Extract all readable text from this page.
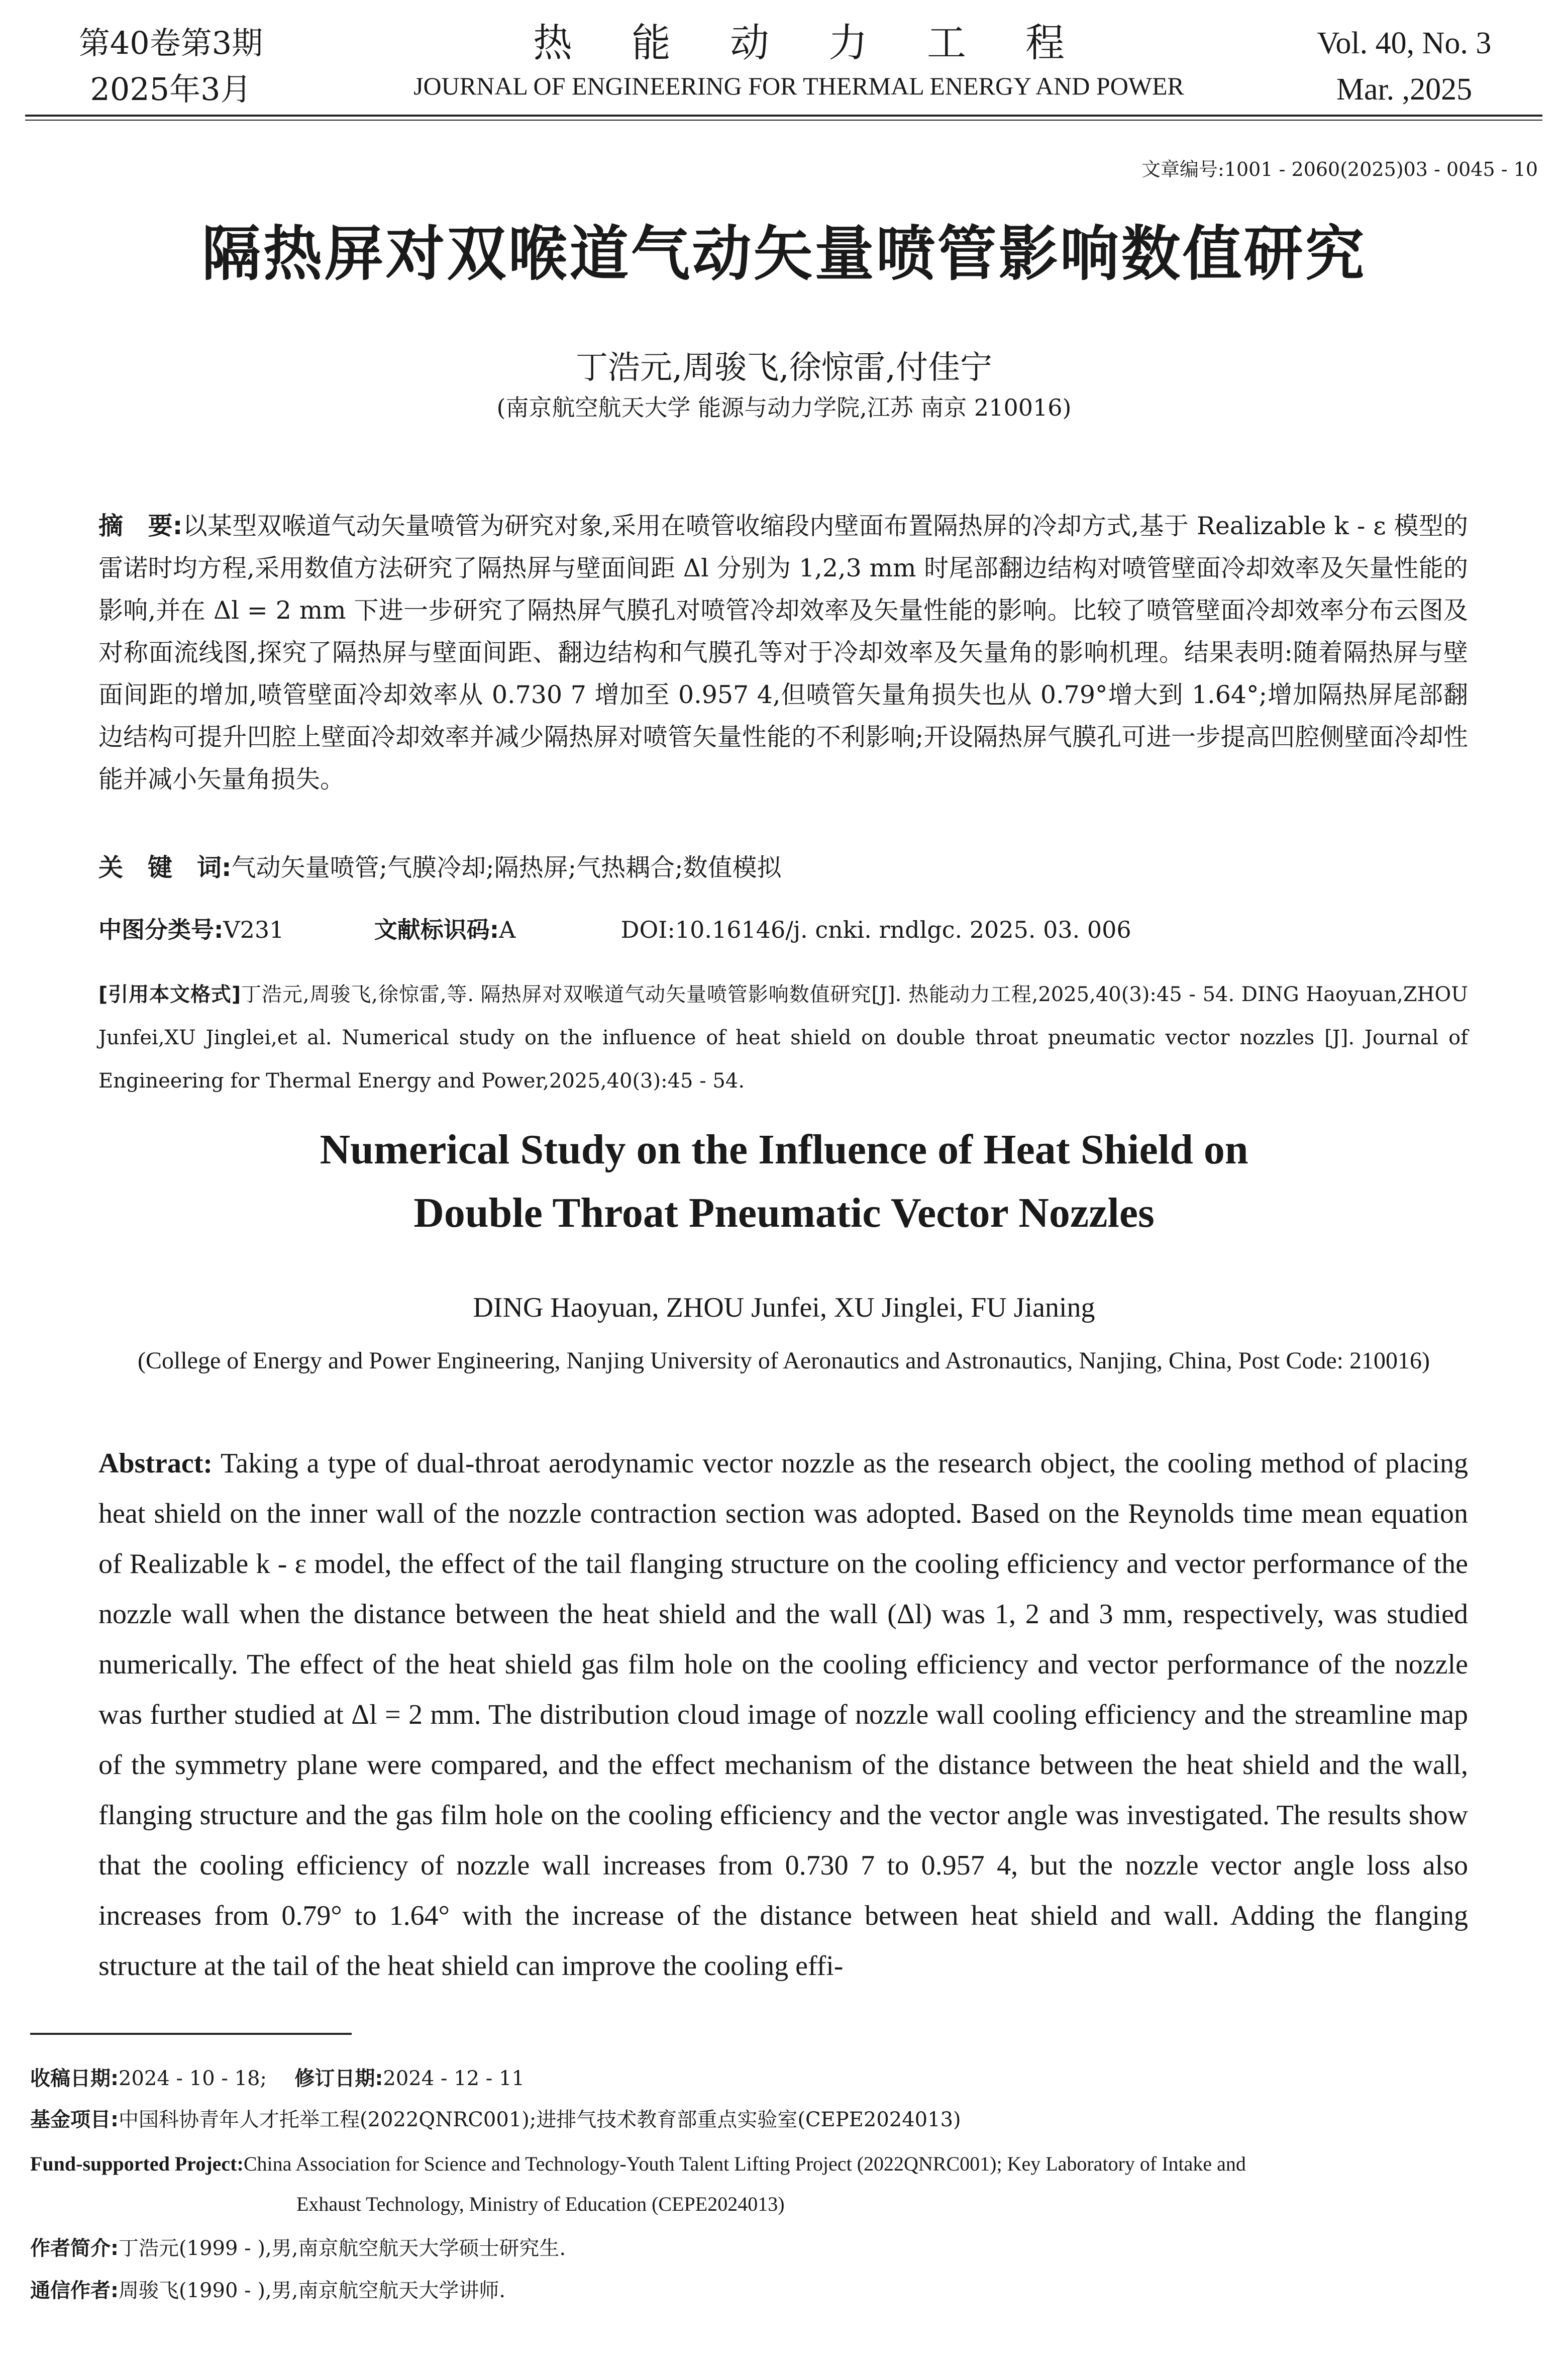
第40卷第3期
2025年3月
热能动力工程
JOURNAL OF ENGINEERING FOR THERMAL ENERGY AND POWER
Vol. 40, No. 3
Mar. ,2025
文章编号:1001 - 2060(2025)03 - 0045 - 10
隔热屏对双喉道气动矢量喷管影响数值研究
丁浩元,周骏飞,徐惊雷,付佳宁
(南京航空航天大学 能源与动力学院,江苏 南京 210016)
摘　要:以某型双喉道气动矢量喷管为研究对象,采用在喷管收缩段内壁面布置隔热屏的冷却方式,基于 Realizable k - ε 模型的雷诺时均方程,采用数值方法研究了隔热屏与壁面间距 Δl 分别为 1,2,3 mm 时尾部翻边结构对喷管壁面冷却效率及矢量性能的影响,并在 Δl = 2 mm 下进一步研究了隔热屏气膜孔对喷管冷却效率及矢量性能的影响。比较了喷管壁面冷却效率分布云图及对称面流线图,探究了隔热屏与壁面间距、翻边结构和气膜孔等对于冷却效率及矢量角的影响机理。结果表明:随着隔热屏与壁面间距的增加,喷管壁面冷却效率从 0.730 7 增加至 0.957 4,但喷管矢量角损失也从 0.79°增大到 1.64°;增加隔热屏尾部翻边结构可提升凹腔上壁面冷却效率并减少隔热屏对喷管矢量性能的不利影响;开设隔热屏气膜孔可进一步提高凹腔侧壁面冷却性能并减小矢量角损失。
关　键　词:气动矢量喷管;气膜冷却;隔热屏;气热耦合;数值模拟
中图分类号:V231	文献标识码:A	DOI:10.16146/j. cnki. rndlgc. 2025. 03. 006
[引用本文格式]丁浩元,周骏飞,徐惊雷,等. 隔热屏对双喉道气动矢量喷管影响数值研究[J]. 热能动力工程,2025,40(3):45 - 54. DING Haoyuan,ZHOU Junfei,XU Jinglei,et al. Numerical study on the influence of heat shield on double throat pneumatic vector nozzles [J]. Journal of Engineering for Thermal Energy and Power,2025,40(3):45 - 54.
Numerical Study on the Influence of Heat Shield on
Double Throat Pneumatic Vector Nozzles
DING Haoyuan, ZHOU Junfei, XU Jinglei, FU Jianing
(College of Energy and Power Engineering, Nanjing University of Aeronautics and Astronautics, Nanjing, China, Post Code: 210016)
Abstract: Taking a type of dual-throat aerodynamic vector nozzle as the research object, the cooling method of placing heat shield on the inner wall of the nozzle contraction section was adopted. Based on the Reynolds time mean equation of Realizable k - ε model, the effect of the tail flanging structure on the cooling efficiency and vector performance of the nozzle wall when the distance between the heat shield and the wall (Δl) was 1, 2 and 3 mm, respectively, was studied numerically. The effect of the heat shield gas film hole on the cooling efficiency and vector performance of the nozzle was further studied at Δl = 2 mm. The distribution cloud image of nozzle wall cooling efficiency and the streamline map of the symmetry plane were compared, and the effect mechanism of the distance between the heat shield and the wall, flanging structure and the gas film hole on the cooling efficiency and the vector angle was investigated. The results show that the cooling efficiency of nozzle wall increases from 0.730 7 to 0.957 4, but the nozzle vector angle loss also increases from 0.79° to 1.64° with the increase of the distance between heat shield and wall. Adding the flanging structure at the tail of the heat shield can improve the cooling effi-
收稿日期:2024 - 10 - 18; 修订日期:2024 - 12 - 11
基金项目:中国科协青年人才托举工程(2022QNRC001);进排气技术教育部重点实验室(CEPE2024013)
Fund-supported Project:China Association for Science and Technology-Youth Talent Lifting Project (2022QNRC001); Key Laboratory of Intake and
Exhaust Technology, Ministry of Education (CEPE2024013)
作者简介:丁浩元(1999 - ),男,南京航空航天大学硕士研究生.
通信作者:周骏飞(1990 - ),男,南京航空航天大学讲师.
